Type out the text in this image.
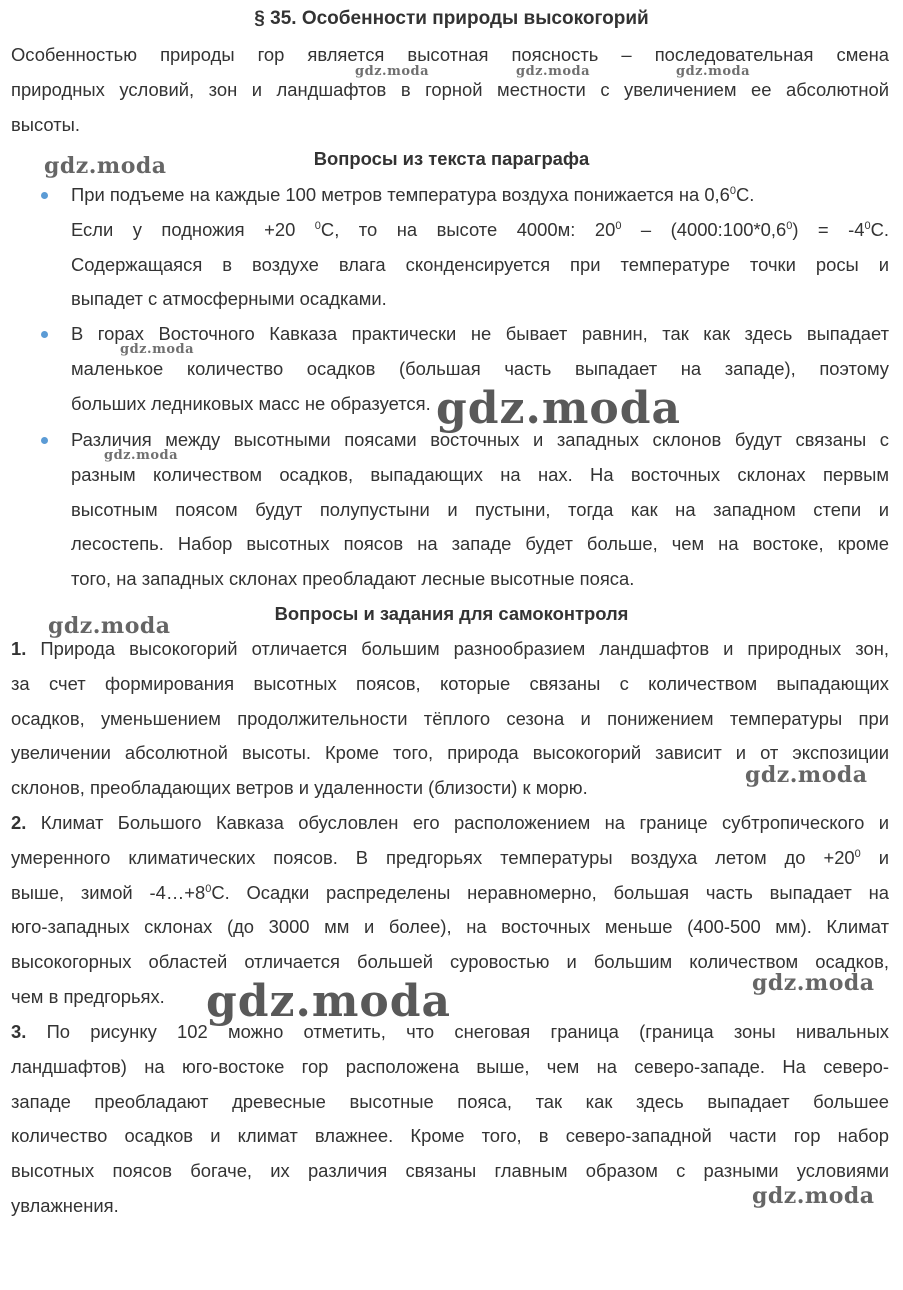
§ 35. Особенности природы высокогорий
Особенностью природы гор является высотная поясность – последовательная смена
природных условий, зон и ландшафтов в горной местности с увеличением ее абсолютной
высоты.
Вопросы из текста параграфа
При подъеме на каждые 100 метров температура воздуха понижается на $0,6^0С$.
Если у подножия +20 $^0$С, то на высоте 4000м: $20^0$ – $(4000:100*0,6^0) = -4^0С$.
Содержащаяся в воздухе влага сконденсируется при температуре точки росы и
выпадет с атмосферными осадками.
В горах Восточного Кавказа практически не бывает равнин, так как здесь выпадает
маленькое количество осадков (большая часть выпадает на западе), поэтому
больших ледниковых масс не образуется.
Различия между высотными поясами восточных и западных склонов будут связаны с
разным количеством осадков, выпадающих на нах. На восточных склонах первым
высотным поясом будут полупустыни и пустыни, тогда как на западном степи и
лесостепь. Набор высотных поясов на западе будет больше, чем на востоке, кроме
того, на западных склонах преобладают лесные высотные пояса.
Вопросы и задания для самоконтроля
1. Природа высокогорий отличается большим разнообразием ландшафтов и природных зон,
за счет формирования высотных поясов, которые связаны с количеством выпадающих
осадков, уменьшением продолжительности тёплого сезона и понижением температуры при
увеличении абсолютной высоты. Кроме того, природа высокогорий зависит и от экспозиции
склонов, преобладающих ветров и удаленности (близости) к морю.
2. Климат Большого Кавказа обусловлен его расположением на границе субтропического и
умеренного климатических поясов. В предгорьях температуры воздуха летом до $+20^0$ и
выше, зимой $-4\dots+8^0С$. Осадки распределены неравномерно, большая часть выпадает на
юго-западных склонах (до 3000 мм и более), на восточных меньше (400-500 мм). Климат
высокогорных областей отличается большей суровостью и большим количеством осадков,
чем в предгорьях.
3. По рисунку 102 можно отметить, что снеговая граница (граница зоны нивальных
ландшафтов) на юго-востоке гор расположена выше, чем на северо-западе. На северо-
западе преобладают древесные высотные пояса, так как здесь выпадает большее
количество осадков и климат влажнее. Кроме того, в северо-западной части гор набор
высотных поясов богаче, их различия связаны главным образом с разными условиями
увлажнения.
gdz.moda	gdz.moda	gdz.moda
gdz.moda
gdz.moda
gdz.moda
gdz.moda
gdz.moda
gdz.moda
gdz.moda	gdz.moda
gdz.moda
